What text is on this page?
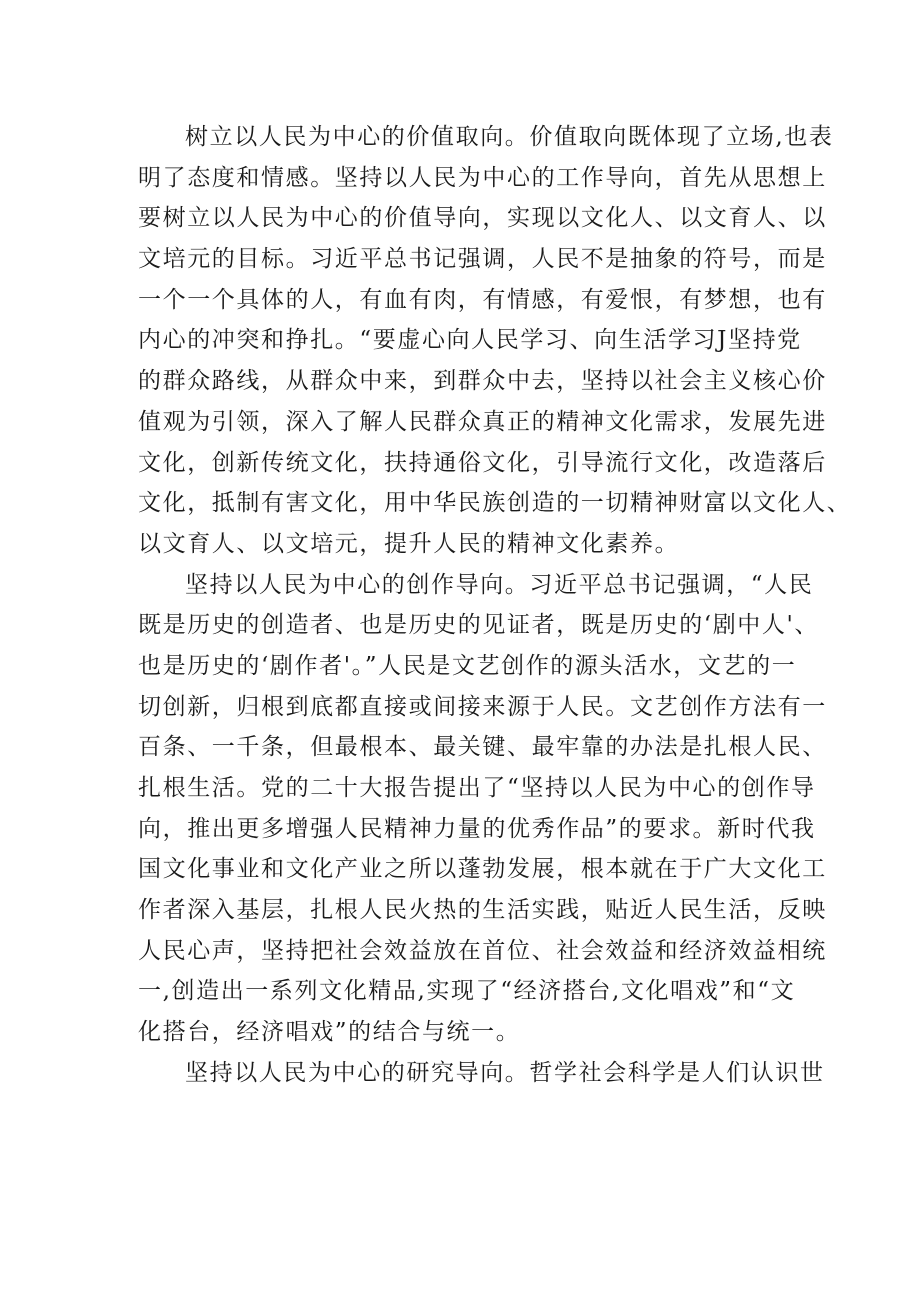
树立以人民为中心的价值取向。价值取向既体现了立场,也表
明了态度和情感。坚持以人民为中心的工作导向，首先从思想上
要树立以人民为中心的价值导向，实现以文化人、以文育人、以
文培元的目标。习近平总书记强调，人民不是抽象的符号，而是
一个一个具体的人，有血有肉，有情感，有爱恨，有梦想，也有
内心的冲突和挣扎。“要虚心向人民学习、向生活学习J坚持党
的群众路线，从群众中来，到群众中去，坚持以社会主义核心价
值观为引领，深入了解人民群众真正的精神文化需求，发展先进
文化，创新传统文化，扶持通俗文化，引导流行文化，改造落后
文化，抵制有害文化，用中华民族创造的一切精神财富以文化人、
以文育人、以文培元，提升人民的精神文化素养。
坚持以人民为中心的创作导向。习近平总书记强调，“人民
既是历史的创造者、也是历史的见证者，既是历史的‘剧中人'、
也是历史的‘剧作者'。”人民是文艺创作的源头活水，文艺的一
切创新，归根到底都直接或间接来源于人民。文艺创作方法有一
百条、一千条，但最根本、最关键、最牢靠的办法是扎根人民、
扎根生活。党的二十大报告提出了“坚持以人民为中心的创作导
向，推出更多增强人民精神力量的优秀作品”的要求。新时代我
国文化事业和文化产业之所以蓬勃发展，根本就在于广大文化工
作者深入基层，扎根人民火热的生活实践，贴近人民生活，反映
人民心声，坚持把社会效益放在首位、社会效益和经济效益相统
一,创造出一系列文化精品,实现了“经济搭台,文化唱戏”和“文
化搭台，经济唱戏”的结合与统一。
坚持以人民为中心的研究导向。哲学社会科学是人们认识世
